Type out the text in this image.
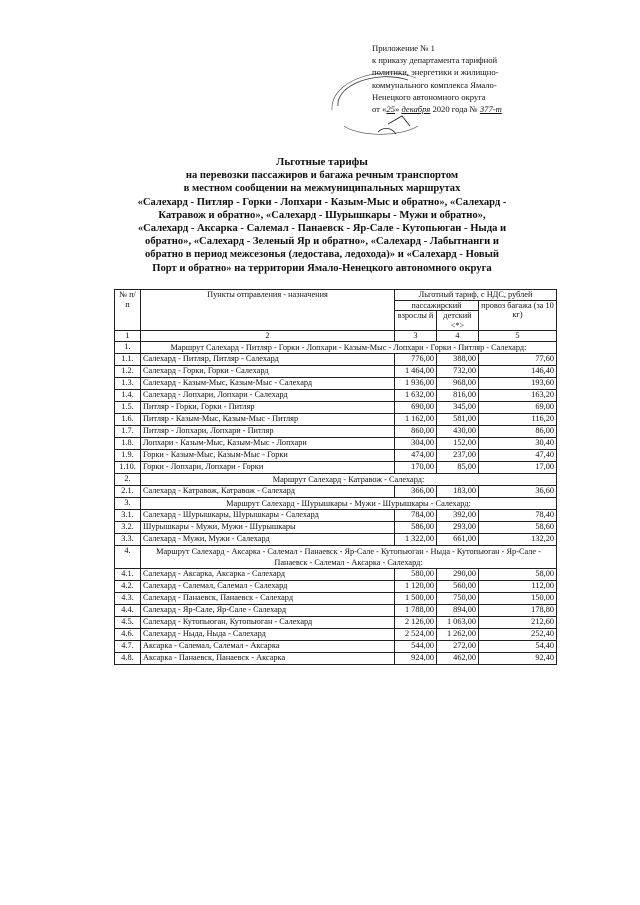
Приложение № 1
к приказу департамента тарифной
политики, энергетики и жилищно-
коммунального комплекса Ямало-
Ненецкого автономного округа
от «25» декабря 2020 года № 377-т
Льготные тарифы
на перевозки пассажиров и багажа речным транспортом
в местном сообщении на межмуниципальных маршрутах
«Салехард - Питляр - Горки - Лопхари - Казым-Мыс и обратно», «Салехард -
Катравож и обратно», «Салехард - Шурышкары - Мужи и обратно»,
«Салехард - Аксарка - Салемал - Панаевск - Яр-Сале - Кутопьюган - Ныда и
обратно», «Салехард - Зеленый Яр и обратно», «Салехард - Лабытнанги и
обратно в период межсезонья (ледостава, ледохода)» и «Салехард - Новый
Порт и обратно» на территории Ямало-Ненецкого автономного округа
№ п/п	Пункты отправления - назначения	Льготный тариф, с НДС, рублей		
		пассажирский		провоз багажа (за 10 кг)
		взрослы й	детский <*>	
1	2	3	4	5
1.	Маршрут Салехард - Питляр - Горки - Лопхари - Казым-Мыс - Лопхари - Горки - Питляр - Салехард:			
1.1.	Салехард - Питляр, Питляр - Салехард	776,00	388,00	77,60
1.2.	Салехард - Горки, Горки - Салехард	1 464,00	732,00	146,40
1.3.	Салехард - Казым-Мыс, Казым-Мыс - Салехард	1 936,00	968,00	193,60
1.4.	Салехард - Лопхари, Лопхари - Салехард	1 632,00	816,00	163,20
1.5.	Питляр - Горки, Горки - Питляр	690,00	345,00	69,00
1.6.	Питляр - Казым-Мыс, Казым-Мыс - Питляр	1 162,00	581,00	116,20
1.7.	Питляр - Лопхари, Лопхари - Питляр	860,00	430,00	86,00
1.8.	Лопхари - Казым-Мыс, Казым-Мыс - Лопхари	304,00	152,00	30,40
1.9.	Горки - Казым-Мыс, Казым-Мыс - Горки	474,00	237,00	47,40
1.10.	Горки - Лопхари, Лопхари - Горки	170,00	85,00	17,00
2.	Маршрут Салехард - Катравож - Салехард:			
2.1.	Салехард - Катравож, Катравож - Салехард	366,00	183,00	36,60
3.	Маршрут Салехард - Шурышкары - Мужи - Шурышкары - Салехард:			
3.1.	Салехард - Шурышкары, Шурышкары - Салехард	784,00	392,00	78,40
3.2.	Шурышкары - Мужи, Мужи - Шурышкары	586,00	293,00	58,60
3.3.	Салехард - Мужи, Мужи - Салехард	1 322,00	661,00	132,20
4.	Маршрут Салехард - Аксарка - Салемал - Панаевск - Яр-Сале - Кутопьюган - Ныда - Кутопьюган - Яр-Сале - Панаевск - Салемал - Аксарка - Салехард:			
4.1.	Салехард - Аксарка, Аксарка - Салехард	580,00	290,00	58,00
4.2.	Салехард - Салемал, Салемал - Салехард	1 120,00	560,00	112,00
4.3.	Салехард - Панаевск, Панаевск - Салехард	1 500,00	750,00	150,00
4.4.	Салехард - Яр-Сале, Яр-Сале - Салехард	1 788,00	894,00	178,80
4.5.	Салехард - Кутопьюган, Кутопьюган - Салехард	2 126,00	1 063,00	212,60
4.6.	Салехард - Ныда, Ныда - Салехард	2 524,00	1 262,00	252,40
4.7.	Аксарка - Салемал, Салемал - Аксарка	544,00	272,00	54,40
4.8.	Аксарка - Панаевск, Панаевск - Аксарка	924,00	462,00	92,40
